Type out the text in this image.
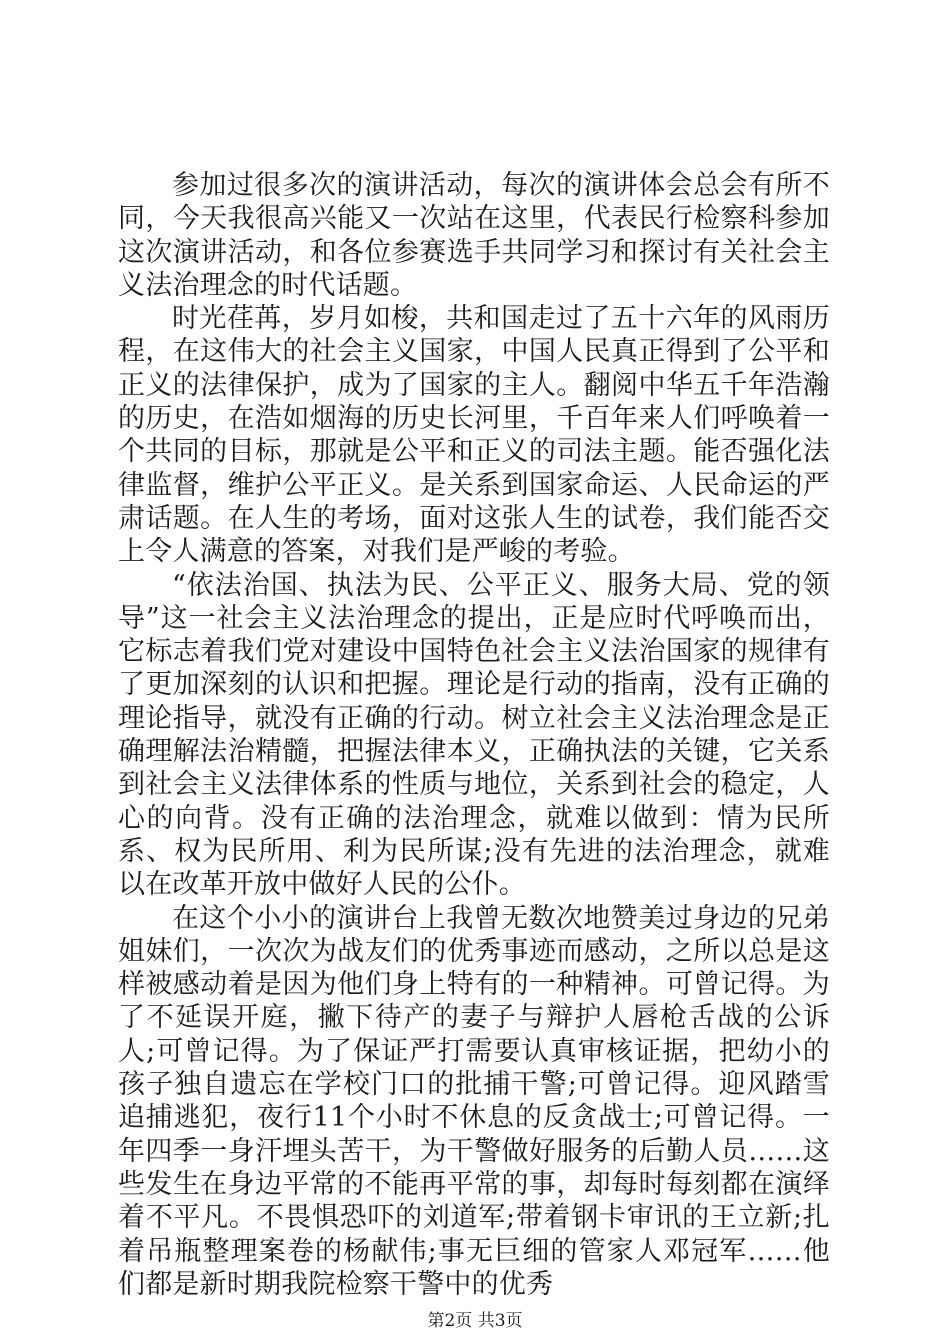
参加过很多次的演讲活动，每次的演讲体会总会有所不同，今天我很高兴能又一次站在这里，代表民行检察科参加这次演讲活动，和各位参赛选手共同学习和探讨有关社会主义法治理念的时代话题。

时光荏苒，岁月如梭，共和国走过了五十六年的风雨历程，在这伟大的社会主义国家，中国人民真正得到了公平和正义的法律保护，成为了国家的主人。翻阅中华五千年浩瀚的历史，在浩如烟海的历史长河里，千百年来人们呼唤着一个共同的目标，那就是公平和正义的司法主题。能否强化法律监督，维护公平正义。是关系到国家命运、人民命运的严肃话题。在人生的考场，面对这张人生的试卷，我们能否交上令人满意的答案，对我们是严峻的考验。

“依法治国、执法为民、公平正义、服务大局、党的领导”这一社会主义法治理念的提出，正是应时代呼唤而出，它标志着我们党对建设中国特色社会主义法治国家的规律有了更加深刻的认识和把握。理论是行动的指南，没有正确的理论指导，就没有正确的行动。树立社会主义法治理念是正确理解法治精髓，把握法律本义，正确执法的关键，它关系到社会主义法律体系的性质与地位，关系到社会的稳定，人心的向背。没有正确的法治理念，就难以做到：情为民所系、权为民所用、利为民所谋;没有先进的法治理念，就难以在改革开放中做好人民的公仆。

在这个小小的演讲台上我曾无数次地赞美过身边的兄弟姐妹们，一次次为战友们的优秀事迹而感动，之所以总是这样被感动着是因为他们身上特有的一种精神。可曾记得。为了不延误开庭，撇下待产的妻子与辩护人唇枪舌战的公诉人;可曾记得。为了保证严打需要认真审核证据，把幼小的孩子独自遗忘在学校门口的批捕干警;可曾记得。迎风踏雪追捕逃犯，夜行11个小时不休息的反贪战士;可曾记得。一年四季一身汗埋头苦干，为干警做好服务的后勤人员……这些发生在身边平常的不能再平常的事，却每时每刻都在演绎着不平凡。不畏惧恐吓的刘道军;带着钢卡审讯的王立新;扎着吊瓶整理案卷的杨献伟;事无巨细的管家人邓冠军……他们都是新时期我院检察干警中的优秀

第2页 共3页
